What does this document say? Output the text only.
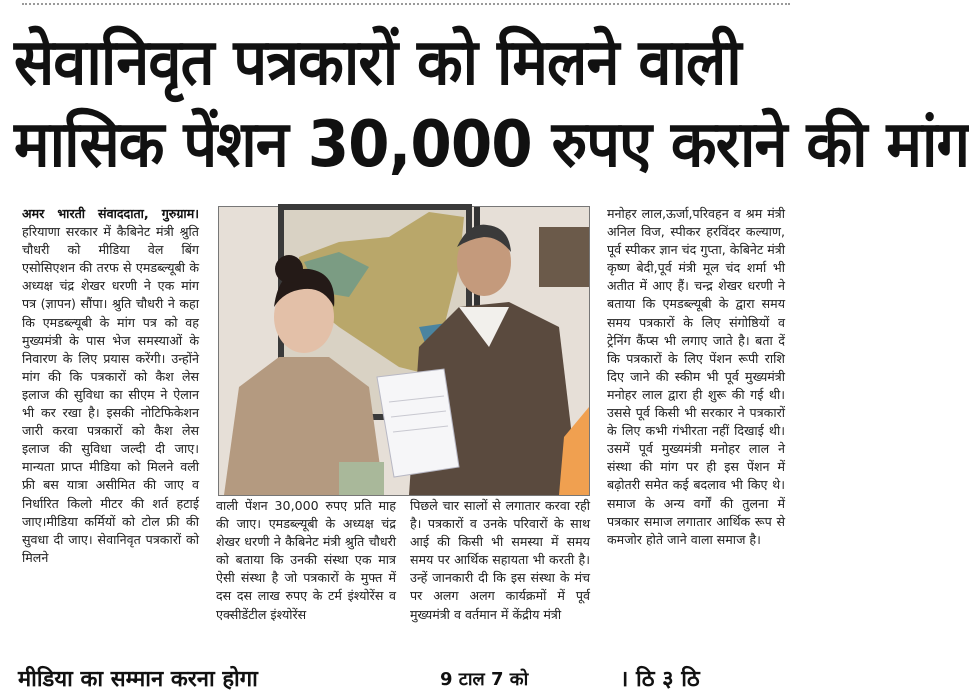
सेवानिवृत पत्रकारों को मिलने वाली
मासिक पेंशन 30,000 रुपए कराने की मांग

अमर भारती संवाददाता, गुरुग्राम। हरियाणा सरकार में कैबिनेट मंत्री श्रुति चौधरी को मीडिया वेल बिंग एसोसिएशन की तरफ से एमडब्ल्यूबी के अध्यक्ष चंद्र शेखर धरणी ने एक मांग पत्र (ज्ञापन) सौंपा। श्रुति चौधरी ने कहा कि एमडब्ल्यूबी के मांग पत्र को वह मुख्यमंत्री के पास भेज समस्याओं के निवारण के लिए प्रयास करेंगी। उन्होंने मांग की कि पत्रकारों को कैश लेस इलाज की सुविधा का सीएम ने ऐलान भी कर रखा है। इसकी नोटिफिकेशन जारी करवा पत्रकारों को कैश लेस इलाज की सुविधा जल्दी दी जाए। मान्यता प्राप्त मीडिया को मिलने वली फ्री बस यात्रा असीमित की जाए व निर्धारित किलो मीटर की शर्त हटाई जाए।मीडिया कर्मियों को टोल फ्री की सुवधा दी जाए। सेवानिवृत पत्रकारों को मिलने

वाली पेंशन 30,000 रुपए प्रति माह की जाए। एमडब्ल्यूबी के अध्यक्ष चंद्र शेखर धरणी ने कैबिनेट मंत्री श्रुति चौधरी को बताया कि उनकी संस्था एक मात्र ऐसी संस्था है जो पत्रकारों के मुफ्त में दस दस लाख रुपए के टर्म इंश्योरेंस व एक्सीडेंटील इंश्योरेंस

पिछले चार सालों से लगातार करवा रही है। पत्रकारों व उनके परिवारों के साथ आई की किसी भी समस्या में समय समय पर आर्थिक सहायता भी करती है।उन्हें जानकारी दी कि इस संस्था के मंच पर अलग अलग कार्यक्रमों में पूर्व मुख्यमंत्री व वर्तमान में केंद्रीय मंत्री

मनोहर लाल,ऊर्जा,परिवहन व श्रम मंत्री अनिल विज, स्पीकर हरविंदर कल्याण, पूर्व स्पीकर ज्ञान चंद गुप्ता, केबिनेट मंत्री कृष्ण बेदी,पूर्व मंत्री मूल चंद शर्मा भी अतीत में आए हैं। चन्द्र शेखर धरणी ने बताया कि एमडब्ल्यूबी के द्वारा समय समय पत्रकारों के लिए संगोष्ठियों व ट्रेनिंग कैंप्स भी लगाए जाते है। बता दें कि पत्रकारों के लिए पेंशन रूपी राशि दिए जाने की स्कीम भी पूर्व मुख्यमंत्री मनोहर लाल द्वारा ही शुरू की गई थी। उससे पूर्व किसी भी सरकार ने पत्रकारों के लिए कभी गंभीरता नहीं दिखाई थी। उसमें पूर्व मुख्यमंत्री मनोहर लाल ने संस्था की मांग पर ही इस पेंशन में बढ़ोतरी समेत कई बदलाव भी किए थे। समाज के अन्य वर्गों की तुलना में पत्रकार समाज लगातार आर्थिक रूप से कमजोर होते जाने वाला समाज है।

मीडिया का सम्मान करना होगा	9 टाल 7 को	। ठि ३ ठि
